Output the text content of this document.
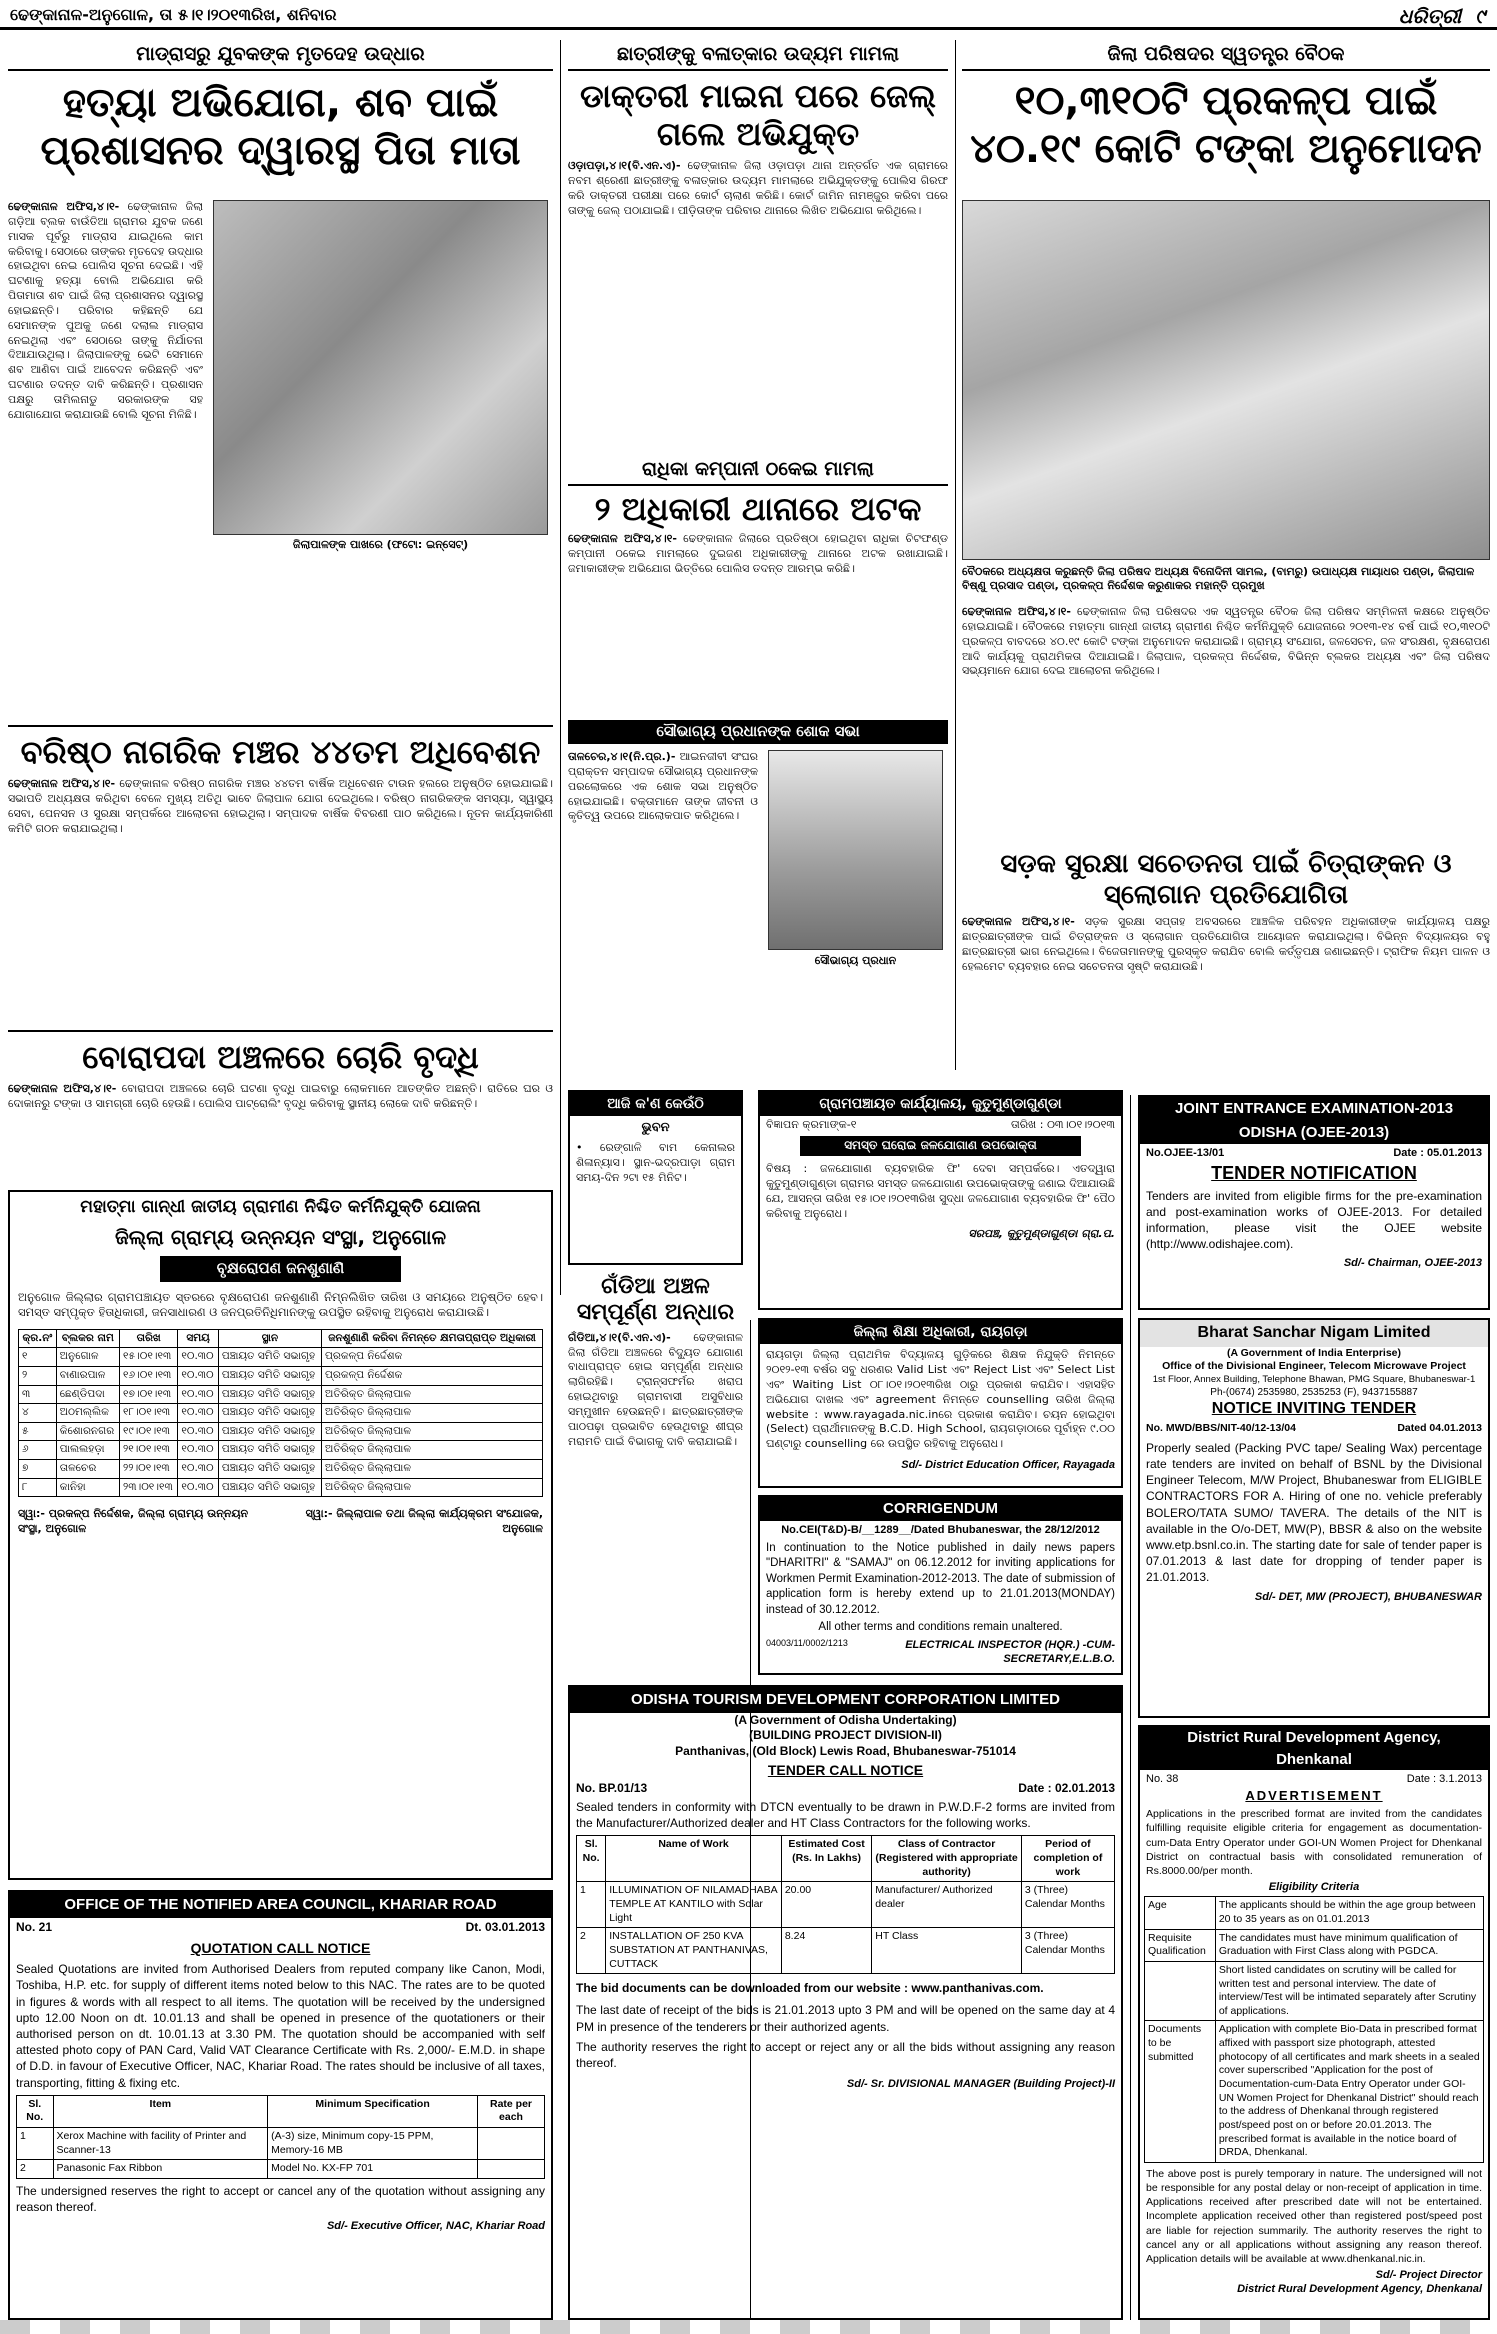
ଢେଙ୍କାନାଳ-ଅନୁଗୋଳ, ତା ୫।୧।୨୦୧୩ରିଖ, ଶନିବାର	ଧରିତ୍ରୀ ୯
ମାଡ୍ରାସରୁ ଯୁବକଙ୍କ ମୃତଦେହ ଉଦ୍ଧାର
ହତ୍ୟା ଅଭିଯୋଗ, ଶବ ପାଇଁ ପ୍ରଶାସନର ଦ୍ୱାରସ୍ଥ ପିତା ମାତା

ଢେଙ୍କାନାଳ ଅଫିସ,୪।୧- ଢେଙ୍କାନାଳ ଜିଲା ଗଡ଼ିଆ ବ୍ଲକ ବାଉଁତିଆ ଗ୍ରାମର ଯୁବକ ଜଣେ ମାସକ ପୂର୍ବରୁ ମାଡ୍ରାସ ଯାଇଥିଲେ କାମ କରିବାକୁ। ସେଠାରେ ତାଙ୍କର ମୃତଦେହ ଉଦ୍ଧାର ହୋଇଥିବା ନେଇ ପୋଲିସ ସୂଚନା ଦେଇଛି। ଏହି ଘଟଣାକୁ ହତ୍ୟା ବୋଲି ଅଭିଯୋଗ କରି ପିତାମାତା ଶବ ପାଇଁ ଜିଲା ପ୍ରଶାସନର ଦ୍ୱାରସ୍ଥ ହୋଇଛନ୍ତି। ପରିବାର କହିଛନ୍ତି ଯେ ସେମାନଙ୍କ ପୁଅକୁ ଜଣେ ଦଲାଲ ମାଡ୍ରାସ ନେଇଥିଲା ଏବଂ ସେଠାରେ ତାଙ୍କୁ ନିର୍ଯାତନା ଦିଆଯାଉଥିଲା। ଜିଲାପାଳଙ୍କୁ ଭେଟି ସେମାନେ ଶବ ଆଣିବା ପାଇଁ ଆବେଦନ କରିଛନ୍ତି ଏବଂ ଘଟଣାର ତଦନ୍ତ ଦାବି କରିଛନ୍ତି। ପ୍ରଶାସନ ପକ୍ଷରୁ ତାମିଲନାଡୁ ସରକାରଙ୍କ ସହ ଯୋଗାଯୋଗ କରାଯାଉଛି ବୋଲି ସୂଚନା ମିଳିଛି।

ଜିଲାପାଳଙ୍କ ପାଖରେ (ଫଟୋ: ଇନ୍‌ସେଟ୍)
ଛାତ୍ରୀଙ୍କୁ ବଳାତ୍କାର ଉଦ୍ୟମ ମାମଲା
ଡାକ୍ତରୀ ମାଇନା ପରେ ଜେଲ୍ ଗଲେ ଅଭିଯୁକ୍ତ

ଓଡ଼ାପଡ଼ା,୪।୧(ବି.ଏନ.ଏ)- ଢେଙ୍କାନାଳ ଜିଲା ଓଡ଼ାପଡ଼ା ଥାନା ଅନ୍ତର୍ଗତ ଏକ ଗ୍ରାମରେ ନବମ ଶ୍ରେଣୀ ଛାତ୍ରୀଙ୍କୁ ବଳାତ୍କାର ଉଦ୍ୟମ ମାମଲାରେ ଅଭିଯୁକ୍ତଙ୍କୁ ପୋଲିସ ଗିରଫ କରି ଡାକ୍ତରୀ ପରୀକ୍ଷା ପରେ କୋର୍ଟ ଚାଲାଣ କରିଛି। କୋର୍ଟ ଜାମିନ ନାମଞ୍ଜୁର କରିବା ପରେ ତାଙ୍କୁ ଜେଲ୍ ପଠାଯାଇଛି। ପୀଡ଼ିତାଙ୍କ ପରିବାର ଥାନାରେ ଲିଖିତ ଅଭିଯୋଗ କରିଥିଲେ।

ରାଧିକା କମ୍ପାନୀ ଠକେଇ ମାମଲା
୨ ଅଧିକାରୀ ଥାନାରେ ଅଟକ

ଢେଙ୍କାନାଳ ଅଫିସ,୪।୧- ଢେଙ୍କାନାଳ ଜିଲାରେ ପ୍ରତିଷ୍ଠା ହୋଇଥିବା ରାଧିକା ଚିଟଫଣ୍ଡ କମ୍ପାନୀ ଠକେଇ ମାମଲାରେ ଦୁଇଜଣ ଅଧିକାରୀଙ୍କୁ ଥାନାରେ ଅଟକ ରଖାଯାଇଛି। ଜମାକାରୀଙ୍କ ଅଭିଯୋଗ ଭିତ୍ତିରେ ପୋଲିସ ତଦନ୍ତ ଆରମ୍ଭ କରିଛି।

ସୌଭାଗ୍ୟ ପ୍ରଧାନଙ୍କ ଶୋକ ସଭା

ତାଳଚେର,୪।୧(ନି.ପ୍ର.)- ଆଇନଜୀବୀ ସଂଘର ପ୍ରାକ୍ତନ ସମ୍ପାଦକ ସୌଭାଗ୍ୟ ପ୍ରଧାନଙ୍କ ପରଲୋକରେ ଏକ ଶୋକ ସଭା ଅନୁଷ୍ଠିତ ହୋଇଯାଇଛି। ବକ୍ତାମାନେ ତାଙ୍କ ଜୀବନୀ ଓ କୃତିତ୍ୱ ଉପରେ ଆଲୋକପାତ କରିଥିଲେ।

ସୌଭାଗ୍ୟ ପ୍ରଧାନ
ଜିଲା ପରିଷଦର ସ୍ୱତନ୍ତ୍ର ବୈଠକ
୧୦,୩୧୦ଟି ପ୍ରକଳ୍ପ ପାଇଁ ୪୦.୧୯ କୋଟି ଟଙ୍କା ଅନୁମୋଦନ
ବୈଠକରେ ଅଧ୍ୟକ୍ଷତା କରୁଛନ୍ତି ଜିଲା ପରିଷଦ ଅଧ୍ୟକ୍ଷ ବିନୋଦିନୀ ସାମଲ, (ବାମରୁ) ଉପାଧ୍ୟକ୍ଷ ମାୟାଧର ପଣ୍ଡା, ଜିଲାପାଳ ବିଷ୍ଣୁ ପ୍ରସାଦ ପଣ୍ଡା, ପ୍ରକଳ୍ପ ନିର୍ଦ୍ଦେଶକ କରୁଣାକର ମହାନ୍ତି ପ୍ରମୁଖ

ଢେଙ୍କାନାଳ ଅଫିସ,୪।୧- ଢେଙ୍କାନାଳ ଜିଲା ପରିଷଦର ଏକ ସ୍ୱତନ୍ତ୍ର ବୈଠକ ଜିଲା ପରିଷଦ ସମ୍ମିଳନୀ କକ୍ଷରେ ଅନୁଷ୍ଠିତ ହୋଇଯାଇଛି। ବୈଠକରେ ମହାତ୍ମା ଗାନ୍ଧୀ ଜାତୀୟ ଗ୍ରାମୀଣ ନିଶ୍ଚିତ କର୍ମନିଯୁକ୍ତି ଯୋଜନାରେ ୨୦୧୩-୧୪ ବର୍ଷ ପାଇଁ ୧୦,୩୧୦ଟି ପ୍ରକଳ୍ପ ବାବଦରେ ୪୦.୧୯ କୋଟି ଟଙ୍କା ଅନୁମୋଦନ କରାଯାଇଛି। ଗ୍ରାମ୍ୟ ସଂଯୋଗ, ଜଳସେଚନ, ଜଳ ସଂରକ୍ଷଣ, ବୃକ୍ଷରୋପଣ ଆଦି କାର୍ଯ୍ୟକୁ ପ୍ରାଥମିକତା ଦିଆଯାଇଛି। ଜିଲାପାଳ, ପ୍ରକଳ୍ପ ନିର୍ଦ୍ଦେଶକ, ବିଭିନ୍ନ ବ୍ଲକର ଅଧ୍ୟକ୍ଷ ଏବଂ ଜିଲା ପରିଷଦ ସଭ୍ୟମାନେ ଯୋଗ ଦେଇ ଆଲୋଚନା କରିଥିଲେ।

ସଡ଼କ ସୁରକ୍ଷା ସଚେତନତା ପାଇଁ ଚିତ୍ରାଙ୍କନ ଓ ସ୍ଲୋଗାନ ପ୍ରତିଯୋଗିତା

ଢେଙ୍କାନାଳ ଅଫିସ,୪।୧- ସଡ଼କ ସୁରକ୍ଷା ସପ୍ତାହ ଅବସରରେ ଆଞ୍ଚଳିକ ପରିବହନ ଅଧିକାରୀଙ୍କ କାର୍ଯ୍ୟାଳୟ ପକ୍ଷରୁ ଛାତ୍ରଛାତ୍ରୀଙ୍କ ପାଇଁ ଚିତ୍ରାଙ୍କନ ଓ ସ୍ଲୋଗାନ ପ୍ରତିଯୋଗିତା ଆୟୋଜନ କରାଯାଇଥିଲା। ବିଭିନ୍ନ ବିଦ୍ୟାଳୟର ବହୁ ଛାତ୍ରଛାତ୍ରୀ ଭାଗ ନେଇଥିଲେ। ବିଜେତାମାନଙ୍କୁ ପୁରସ୍କୃତ କରାଯିବ ବୋଲି କର୍ତ୍ତୃପକ୍ଷ ଜଣାଇଛନ୍ତି। ଟ୍ରାଫିକ ନିୟମ ପାଳନ ଓ ହେଲମେଟ ବ୍ୟବହାର ନେଇ ସଚେତନତା ସୃଷ୍ଟି କରାଯାଉଛି।

ବରିଷ୍ଠ ନାଗରିକ ମଞ୍ଚର ୪୪ତମ ଅଧିବେଶନ

ଢେଙ୍କାନାଳ ଅଫିସ,୪।୧- ଢେଙ୍କାନାଳ ବରିଷ୍ଠ ନାଗରିକ ମଞ୍ଚର ୪୪ତମ ବାର୍ଷିକ ଅଧିବେଶନ ଟାଉନ ହଲରେ ଅନୁଷ୍ଠିତ ହୋଇଯାଇଛି। ସଭାପତି ଅଧ୍ୟକ୍ଷତା କରିଥିବା ବେଳେ ମୁଖ୍ୟ ଅତିଥି ଭାବେ ଜିଲାପାଳ ଯୋଗ ଦେଇଥିଲେ। ବରିଷ୍ଠ ନାଗରିକଙ୍କ ସମସ୍ୟା, ସ୍ୱାସ୍ଥ୍ୟ ସେବା, ପେନସନ ଓ ସୁରକ୍ଷା ସମ୍ପର୍କରେ ଆଲୋଚନା ହୋଇଥିଲା। ସମ୍ପାଦକ ବାର୍ଷିକ ବିବରଣୀ ପାଠ କରିଥିଲେ। ନୂତନ କାର୍ଯ୍ୟକାରିଣୀ କମିଟି ଗଠନ କରାଯାଇଥିଲା।

ବୋରାପଦା ଅଞ୍ଚଳରେ ଚୋରି ବୃଦ୍ଧି

ଢେଙ୍କାନାଳ ଅଫିସ,୪।୧- ବୋରାପଦା ଅଞ୍ଚଳରେ ଚୋରି ଘଟଣା ବୃଦ୍ଧି ପାଇବାରୁ ଲୋକମାନେ ଆତଙ୍କିତ ଅଛନ୍ତି। ରାତିରେ ଘର ଓ ଦୋକାନରୁ ଟଙ୍କା ଓ ସାମଗ୍ରୀ ଚୋରି ହେଉଛି। ପୋଲିସ ପାଟ୍ରୋଲିଂ ବୃଦ୍ଧି କରିବାକୁ ସ୍ଥାନୀୟ ଲୋକେ ଦାବି କରିଛନ୍ତି।	ଆଜି କ'ଣ କେଉଁଠି
ଭୁବନ
• ରେଙ୍ଗାଳି ବାମ କେନାଲର ଶିଳାନ୍ୟାସ। ସ୍ଥାନ-ଭଦ୍ରପାଡ଼ା ଗ୍ରାମ ସମୟ-ଦିନ ୨ଟା ୧୫ ମିନିଟ।
ଗଁଡିଆ ଅଞ୍ଚଳ ସମ୍ପୂର୍ଣ୍ଣ ଅନ୍ଧାର

ଗଁଡିଆ,୪।୧(ବି.ଏନ.ଏ)- ଢେଙ୍କାନାଳ ଜିଲା ଗଁଡିଆ ଅଞ୍ଚଳରେ ବିଦ୍ୟୁତ ଯୋଗାଣ ବାଧାପ୍ରାପ୍ତ ହୋଇ ସମ୍ପୂର୍ଣ୍ଣ ଅନ୍ଧାର ଲାଗିରହିଛି। ଟ୍ରାନ୍ସଫର୍ମର ଖରାପ ହୋଇଥିବାରୁ ଗ୍ରାମବାସୀ ଅସୁବିଧାର ସମ୍ମୁଖୀନ ହେଉଛନ୍ତି। ଛାତ୍ରଛାତ୍ରୀଙ୍କ ପାଠପଢ଼ା ପ୍ରଭାବିତ ହେଉଥିବାରୁ ଶୀଘ୍ର ମରାମତି ପାଇଁ ବିଭାଗକୁ ଦାବି କରାଯାଇଛି।

ଗ୍ରାମପଞ୍ଚାୟତ କାର୍ଯ୍ୟାଳୟ, କୁତୁମୁଣ୍ଡାଗୁଣ୍ଡା
ବିଜ୍ଞାପନ କ୍ରମାଙ୍କ-୧	ତାରିଖ : ୦୩।୦୧।୨୦୧୩
ସମସ୍ତ ଘରୋଇ ଜଳଯୋଗାଣ ଉପଭୋକ୍ତା
ବିଷୟ : ଜଳଯୋଗାଣ ବ୍ୟବହାରିକ ଫି' ଦେବା ସମ୍ପର୍କରେ। ଏତଦ୍ୱାରା କୁତୁମୁଣ୍ଡାଗୁଣ୍ଡା ଗ୍ରାମର ସମସ୍ତ ଜଳଯୋଗାଣ ଉପଭୋକ୍ତାଙ୍କୁ ଜଣାଇ ଦିଆଯାଉଛି ଯେ, ଆସନ୍ତା ତାରିଖ ୧୫।୦୧।୨୦୧୩ରିଖ ସୁଦ୍ଧା ଜଳଯୋଗାଣ ବ୍ୟବହାରିକ ଫି' ପୈଠ କରିବାକୁ ଅନୁରୋଧ।
ସରପଞ୍ଚ, କୁତୁମୁଣ୍ଡାଗୁଣ୍ଡା ଗ୍ରା.ପ.
ଜିଲ୍ଲା ଶିକ୍ଷା ଅଧିକାରୀ, ରାୟଗଡ଼ା
ରାୟଗଡ଼ା ଜିଲ୍ଲା ପ୍ରାଥମିକ ବିଦ୍ୟାଳୟ ଗୁଡ଼ିକରେ ଶିକ୍ଷକ ନିଯୁକ୍ତି ନିମନ୍ତେ ୨୦୧୨-୧୩ ବର୍ଷର ସବୁ ଧରଣର Valid List ଏବଂ Reject List ଏବଂ Select List ଏବଂ Waiting List ୦୮।୦୧।୨୦୧୩ରିଖ ଠାରୁ ପ୍ରକାଶ କରାଯିବ। ଏହାସହିତ ଅଭିଯୋଗ ଦାଖଲ ଏବଂ agreement ନିମନ୍ତେ counselling ତାରିଖ ଜିଲ୍ଲା website : www.rayagada.nic.inରେ ପ୍ରକାଶ କରାଯିବ। ଚୟନ ହୋଇଥିବା (Select) ପ୍ରାର୍ଥୀମାନଙ୍କୁ B.C.D. High School, ରାୟଗଡ଼ାଠାରେ ପୂର୍ବାହ୍ନ ୯.୦୦ ଘଣ୍ଟାରୁ counselling ରେ ଉପସ୍ଥିତ ରହିବାକୁ ଅନୁରୋଧ।
Sd/- District Education Officer, Rayagada
CORRIGENDUM
No.CEI(T&D)-B/__1289__/Dated Bhubaneswar, the 28/12/2012
In continuation to the Notice published in daily news papers "DHARITRI" & "SAMAJ" on 06.12.2012 for inviting applications for Workmen Permit Examination-2012-2013. The date of submission of application form is hereby extend up to 21.01.2013(MONDAY) instead of 30.12.2012.
All other terms and conditions remain unaltered.
04003/11/0002/1213	ELECTRICAL INSPECTOR (HQR.) -CUM-SECRETARY,E.L.B.O.
ODISHA TOURISM DEVELOPMENT CORPORATION LIMITED
(A Government of Odisha Undertaking)
(BUILDING PROJECT DIVISION-II)
Panthanivas, (Old Block) Lewis Road, Bhubaneswar-751014
TENDER CALL NOTICE
No. BP.01/13	Date : 02.01.2013
Sealed tenders in conformity with DTCN eventually to be drawn in P.W.D.F-2 forms are invited from the Manufacturer/Authorized dealer and HT Class Contractors for the following works.
Sl. No.	Name of Work	Estimated Cost (Rs. In Lakhs)	Class of Contractor (Registered with appropriate authority)	Period of completion of work
1	ILLUMINATION OF NILAMADHABA TEMPLE AT KANTILO with Solar Light	20.00	Manufacturer/ Authorized dealer	3 (Three) Calendar Months
2	INSTALLATION OF 250 KVA SUBSTATION AT PANTHANIVAS, CUTTACK	8.24	HT Class	3 (Three) Calendar Months
The bid documents can be downloaded from our website : www.panthanivas.com.
The last date of receipt of the bids is 21.01.2013 upto 3 PM and will be opened on the same day at 4 PM in presence of the tenderers or their authorized agents.
The authority reserves the right to accept or reject any or all the bids without assigning any reason thereof.
Sd/- Sr. DIVISIONAL MANAGER (Building Project)-II
JOINT ENTRANCE EXAMINATION-2013
ODISHA (OJEE-2013)
No.OJEE-13/01	Date : 05.01.2013
TENDER NOTIFICATION
Tenders are invited from eligible firms for the pre-examination and post-examination works of OJEE-2013. For detailed information, please visit the OJEE website (http://www.odishajee.com).
Sd/- Chairman, OJEE-2013
Bharat Sanchar Nigam Limited
(A Government of India Enterprise)
Office of the Divisional Engineer, Telecom Microwave Project
1st Floor, Annex Building, Telephone Bhawan, PMG Square, Bhubaneswar-1
Ph-(0674) 2535980, 2535253 (F), 9437155887
NOTICE INVITING TENDER
No. MWD/BBS/NIT-40/12-13/04	Dated 04.01.2013
Properly sealed (Packing PVC tape/ Sealing Wax) percentage rate tenders are invited on behalf of BSNL by the Divisional Engineer Telecom, M/W Project, Bhubaneswar from ELIGIBLE CONTRACTORS FOR A. Hiring of one no. vehicle preferably BOLERO/TATA SUMO/ TAVERA. The details of the NIT is available in the O/o-DET, MW(P), BBSR & also on the website www.etp.bsnl.co.in. The starting date for sale of tender paper is 07.01.2013 & last date for dropping of tender paper is 21.01.2013.
Sd/- DET, MW (PROJECT), BHUBANESWAR
District Rural Development Agency,
Dhenkanal
No. 38	Date : 3.1.2013
ADVERTISEMENT
Applications in the prescribed format are invited from the candidates fulfilling requisite eligible criteria for engagement as documentation-cum-Data Entry Operator under GOI-UN Women Project for Dhenkanal District on contractual basis with consolidated remuneration of Rs.8000.00/per month.
Eligibility Criteria
Age	The applicants should be within the age group between 20 to 35 years as on 01.01.2013
Requisite Qualification	The candidates must have minimum qualification of Graduation with First Class along with PGDCA.
	Short listed candidates on scrutiny will be called for written test and personal interview. The date of interview/Test will be intimated separately after Scrutiny of applications.
Documents to be submitted	Application with complete Bio-Data in prescribed format affixed with passport size photograph, attested photocopy of all certificates and mark sheets in a sealed cover superscribed "Application for the post of Documentation-cum-Data Entry Operator under GOI-UN Women Project for Dhenkanal District" should reach to the address of Dhenkanal through registered post/speed post on or before 20.01.2013. The prescribed format is available in the notice board of DRDA, Dhenkanal.
The above post is purely temporary in nature. The undersigned will not be responsible for any postal delay or non-receipt of application in time. Applications received after prescribed date will not be entertained. Incomplete application received other than registered post/speed post are liable for rejection summarily. The authority reserves the right to cancel any or all applications without assigning any reason thereof. Application details will be available at www.dhenkanal.nic.in.
Sd/- Project Director
District Rural Development Agency, Dhenkanal
ମହାତ୍ମା ଗାନ୍ଧୀ ଜାତୀୟ ଗ୍ରାମୀଣ ନିଶ୍ଚିତ କର୍ମନିଯୁକ୍ତି ଯୋଜନା
ଜିଲ୍ଲା ଗ୍ରାମ୍ୟ ଉନ୍ନୟନ ସଂସ୍ଥା, ଅନୁଗୋଳ
ବୃକ୍ଷରୋପଣ ଜନଶୁଣାଣି
ଅନୁଗୋଳ ଜିଲ୍ଲାର ଗ୍ରାମପଞ୍ଚାୟତ ସ୍ତରରେ ବୃକ୍ଷରୋପଣ ଜନଶୁଣାଣି ନିମ୍ନଲିଖିତ ତାରିଖ ଓ ସମୟରେ ଅନୁଷ୍ଠିତ ହେବ। ସମସ୍ତ ସମ୍ପୃକ୍ତ ହିତାଧିକାରୀ, ଜନସାଧାରଣ ଓ ଜନପ୍ରତିନିଧିମାନଙ୍କୁ ଉପସ୍ଥିତ ରହିବାକୁ ଅନୁରୋଧ କରାଯାଉଛି।
କ୍ର.ନଂ	ବ୍ଲକର ନାମ	ତାରିଖ	ସମୟ	ସ୍ଥାନ	ଜନଶୁଣାଣି କରିବା ନିମନ୍ତେ କ୍ଷମତାପ୍ରାପ୍ତ ଅଧିକାରୀ
୧	ଅନୁଗୋଳ	୧୫।୦୧।୧୩	୧୦.୩୦	ପଞ୍ଚାୟତ ସମିତି ସଭାଗୃହ	ପ୍ରକଳ୍ପ ନିର୍ଦ୍ଦେଶକ
୨	ବାଣାରପାଳ	୧୬।୦୧।୧୩	୧୦.୩୦	ପଞ୍ଚାୟତ ସମିତି ସଭାଗୃହ	ପ୍ରକଳ୍ପ ନିର୍ଦ୍ଦେଶକ
୩	ଛେଣ୍ଡିପଦା	୧୭।୦୧।୧୩	୧୦.୩୦	ପଞ୍ଚାୟତ ସମିତି ସଭାଗୃହ	ଅତିରିକ୍ତ ଜିଲ୍ଲାପାଳ
୪	ଅଠମଲ୍ଲିକ	୧୮।୦୧।୧୩	୧୦.୩୦	ପଞ୍ଚାୟତ ସମିତି ସଭାଗୃହ	ଅତିରିକ୍ତ ଜିଲ୍ଲାପାଳ
୫	କିଶୋରନଗର	୧୯।୦୧।୧୩	୧୦.୩୦	ପଞ୍ଚାୟତ ସମିତି ସଭାଗୃହ	ଅତିରିକ୍ତ ଜିଲ୍ଲାପାଳ
୬	ପାଲଲହଡ଼ା	୨୧।୦୧।୧୩	୧୦.୩୦	ପଞ୍ଚାୟତ ସମିତି ସଭାଗୃହ	ଅତିରିକ୍ତ ଜିଲ୍ଲାପାଳ
୭	ତାଳଚେର	୨୨।୦୧।୧୩	୧୦.୩୦	ପଞ୍ଚାୟତ ସମିତି ସଭାଗୃହ	ଅତିରିକ୍ତ ଜିଲ୍ଲାପାଳ
୮	କାନିହା	୨୩।୦୧।୧୩	୧୦.୩୦	ପଞ୍ଚାୟତ ସମିତି ସଭାଗୃହ	ଅତିରିକ୍ତ ଜିଲ୍ଲାପାଳ
ସ୍ୱା:- ପ୍ରକଳ୍ପ ନିର୍ଦ୍ଦେଶକ, ଜିଲ୍ଲା ଗ୍ରାମ୍ୟ ଉନ୍ନୟନ ସଂସ୍ଥା, ଅନୁଗୋଳ
ସ୍ୱା:- ଜିଲ୍ଲାପାଳ ତଥା ଜିଲ୍ଲା କାର୍ଯ୍ୟକ୍ରମ ସଂଯୋଜକ, ଅନୁଗୋଳ
OFFICE OF THE NOTIFIED AREA COUNCIL, KHARIAR ROAD
No. 21	Dt. 03.01.2013
QUOTATION CALL NOTICE
Sealed Quotations are invited from Authorised Dealers from reputed company like Canon, Modi, Toshiba, H.P. etc. for supply of different items noted below to this NAC. The rates are to be quoted in figures & words with all respect to all items. The quotation will be received by the undersigned upto 12.00 Noon on dt. 10.01.13 and shall be opened in presence of the quotationers or their authorised person on dt. 10.01.13 at 3.30 PM. The quotation should be accompanied with self attested photo copy of PAN Card, Valid VAT Clearance Certificate with Rs. 2,000/- E.M.D. in shape of D.D. in favour of Executive Officer, NAC, Khariar Road. The rates should be inclusive of all taxes, transporting, fitting & fixing etc.
Sl. No.	Item	Minimum Specification	Rate per each
1	Xerox Machine with facility of Printer and Scanner-13	(A-3) size, Minimum copy-15 PPM, Memory-16 MB	
2	Panasonic Fax Ribbon	Model No. KX-FP 701	
The undersigned reserves the right to accept or cancel any of the quotation without assigning any reason thereof.
Sd/- Executive Officer, NAC, Khariar Road
